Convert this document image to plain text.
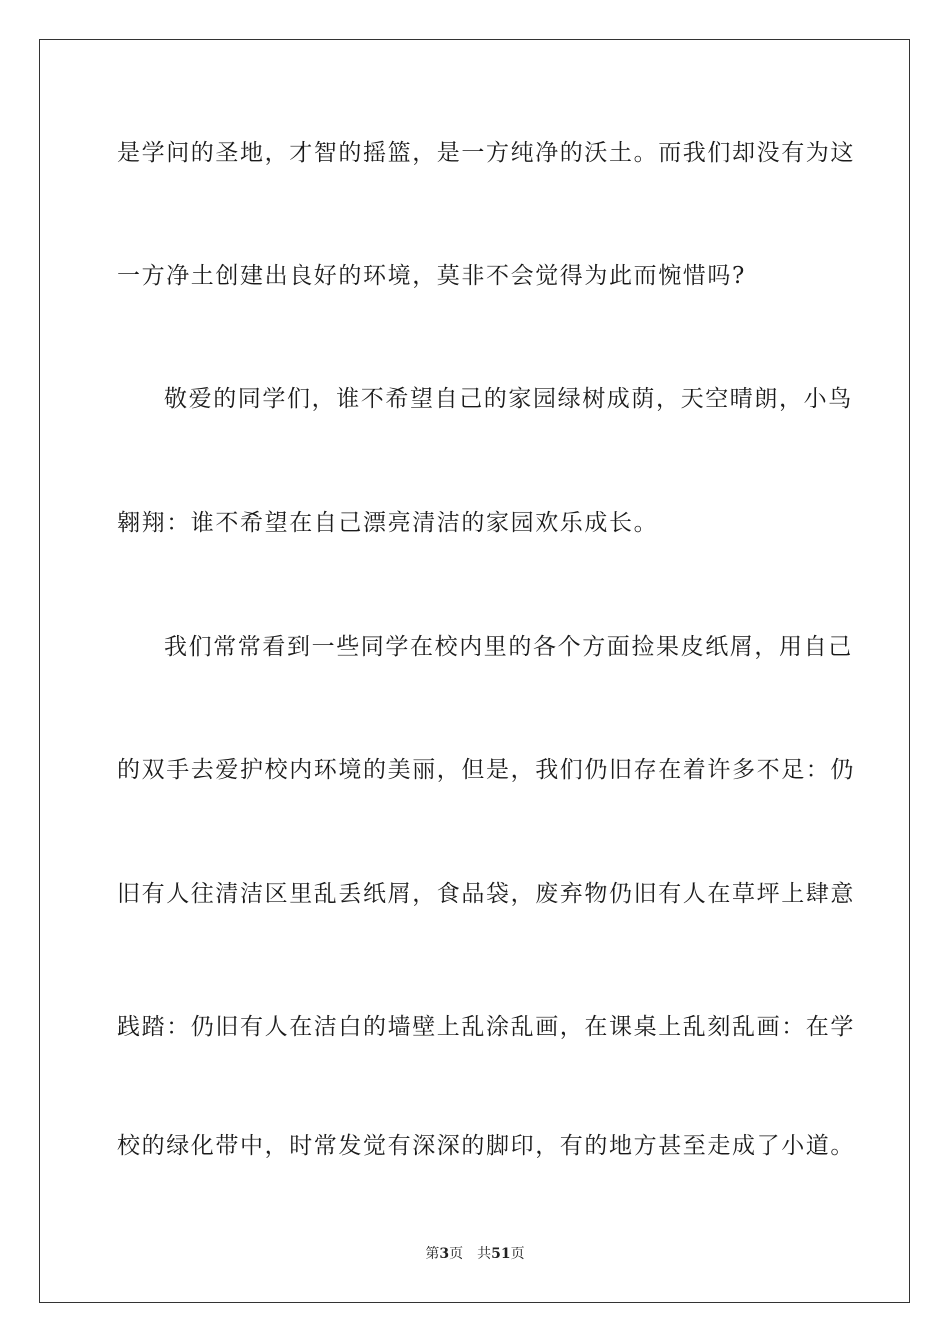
是学问的圣地，才智的摇篮，是一方纯净的沃土。而我们却没有为这
一方净土创建出良好的环境，莫非不会觉得为此而惋惜吗?
敬爱的同学们，谁不希望自己的家园绿树成荫，天空晴朗，小鸟
翱翔：谁不希望在自己漂亮清洁的家园欢乐成长。
我们常常看到一些同学在校内里的各个方面捡果皮纸屑，用自己
的双手去爱护校内环境的美丽，但是，我们仍旧存在着许多不足：仍
旧有人往清洁区里乱丢纸屑，食品袋，废弃物仍旧有人在草坪上肆意
践踏：仍旧有人在洁白的墙壁上乱涂乱画，在课桌上乱刻乱画：在学
校的绿化带中，时常发觉有深深的脚印，有的地方甚至走成了小道。
第3页 共51页
